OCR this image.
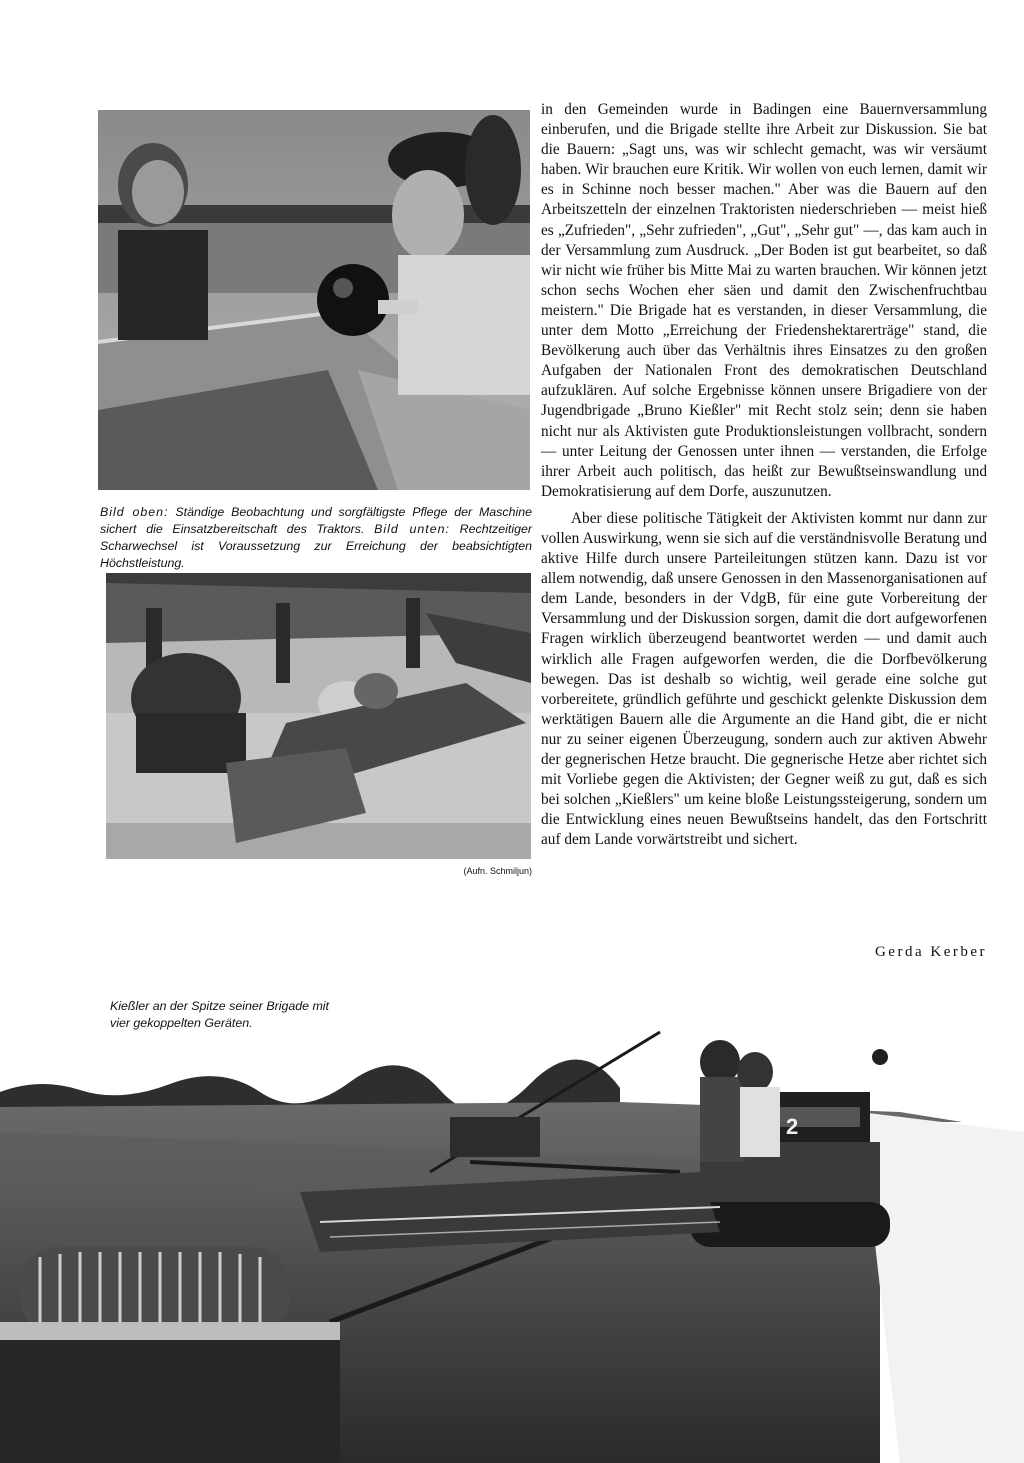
Bild oben: Ständige Beobachtung und sorgfältigste Pflege der Maschine sichert die Einsatzbereitschaft des Traktors. Bild unten: Rechtzeitiger Scharwechsel ist Voraussetzung zur Erreichung der beabsichtigten Höchstleistung.

(Aufn. Schmiljun)

in den Gemeinden wurde in Badingen eine Bauernversammlung einberufen, und die Brigade stellte ihre Arbeit zur Diskussion. Sie bat die Bauern: „Sagt uns, was wir schlecht gemacht, was wir versäumt haben. Wir brauchen eure Kritik. Wir wollen von euch lernen, damit wir es in Schinne noch besser machen." Aber was die Bauern auf den Arbeitszetteln der einzelnen Traktoristen niederschrieben — meist hieß es „Zufrieden", „Sehr zufrieden", „Gut", „Sehr gut" —, das kam auch in der Versammlung zum Ausdruck. „Der Boden ist gut bearbeitet, so daß wir nicht wie früher bis Mitte Mai zu warten brauchen. Wir können jetzt schon sechs Wochen eher säen und damit den Zwischenfruchtbau meistern." Die Brigade hat es verstanden, in dieser Versammlung, die unter dem Motto „Erreichung der Friedenshektarerträge" stand, die Bevölkerung auch über das Verhältnis ihres Einsatzes zu den großen Aufgaben der Nationalen Front des demokratischen Deutschland aufzuklären. Auf solche Ergebnisse können unsere Brigadiere von der Jugendbrigade „Bruno Kießler" mit Recht stolz sein; denn sie haben nicht nur als Aktivisten gute Produktionsleistungen vollbracht, sondern — unter Leitung der Genossen unter ihnen — verstanden, die Erfolge ihrer Arbeit auch politisch, das heißt zur Bewußtseinswandlung und Demokratisierung auf dem Dorfe, auszunutzen.

Aber diese politische Tätigkeit der Aktivisten kommt nur dann zur vollen Auswirkung, wenn sie sich auf die verständnisvolle Beratung und aktive Hilfe durch unsere Parteileitungen stützen kann. Dazu ist vor allem notwendig, daß unsere Genossen in den Massenorganisationen auf dem Lande, besonders in der VdgB, für eine gute Vorbereitung der Versammlung und der Diskussion sorgen, damit die dort aufgeworfenen Fragen wirklich überzeugend beantwortet werden — und damit auch wirklich alle Fragen aufgeworfen werden, die die Dorfbevölkerung bewegen. Das ist deshalb so wichtig, weil gerade eine solche gut vorbereitete, gründlich geführte und geschickt gelenkte Diskussion dem werktätigen Bauern alle die Argumente an die Hand gibt, die er nicht nur zu seiner eigenen Überzeugung, sondern auch zur aktiven Abwehr der gegnerischen Hetze braucht. Die gegnerische Hetze aber richtet sich mit Vorliebe gegen die Aktivisten; der Gegner weiß zu gut, daß es sich bei solchen „Kießlers" um keine bloße Leistungssteigerung, sondern um die Entwicklung eines neuen Bewußtseins handelt, das den Fortschritt auf dem Lande vorwärtstreibt und sichert.

Gerda Kerber

Kießler an der Spitze seiner Brigade mit vier gekoppelten Geräten.

2
